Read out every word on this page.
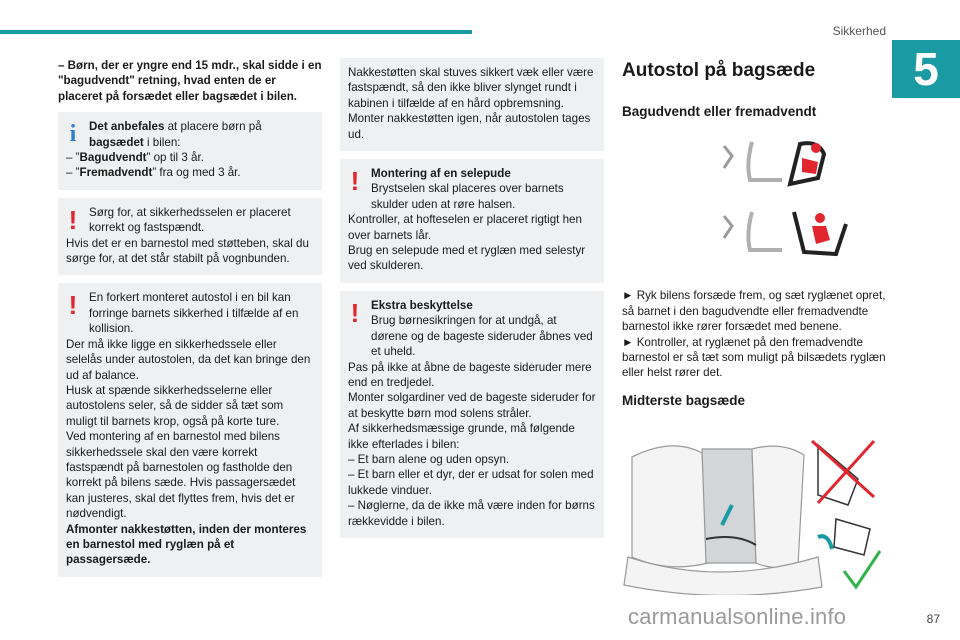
Sikkerhed
5

– Børn, der er yngre end 15 mdr., skal sidde i en "bagudvendt" retning, hvad enten de er placeret på forsædet eller bagsædet i bilen.

i	Det anbefales at placere børn på

bagsædet i bilen:

– ”Bagudvendt” op til 3 år.

– ”Fremadvendt” fra og med 3 år.

!	Sørg for, at sikkerhedsselen er placeret korrekt og fastspændt.

Hvis det er en barnestol med støtteben, skal du sørge for, at det står stabilt på vognbunden.

!	En forkert monteret autostol i en bil kan forringe barnets sikkerhed i tilfælde af en kollision.

Der må ikke ligge en sikkerhedssele eller selelås under autostolen, da det kan bringe den ud af balance.

Husk at spænde sikkerhedsselerne eller autostolens seler, så de sidder så tæt som muligt til barnets krop, også på korte ture.

Ved montering af en barnestol med bilens sikkerhedssele skal den være korrekt fastspændt på barnestolen og fastholde den korrekt på bilens sæde. Hvis passagersædet kan justeres, skal det flyttes frem, hvis det er nødvendigt.

Afmonter nakkestøtten, inden der monteres en barnestol med ryglæn på et passagersæde.

Nakkestøtten skal stuves sikkert væk eller være fastspændt, så den ikke bliver slynget rundt i kabinen i tilfælde af en hård opbremsning. Monter nakkestøtten igen, når autostolen tages ud.

!	Montering af en selepude

Brystselen skal placeres over barnets skulder uden at røre halsen.

Kontroller, at hofteselen er placeret rigtigt hen over barnets lår.

Brug en selepude med et ryglæn med selestyr ved skulderen.

!	Ekstra beskyttelse

Brug børnesikringen for at undgå, at dørene og de bageste sideruder åbnes ved et uheld.

Pas på ikke at åbne de bageste sideruder mere end en tredjedel.

Monter solgardiner ved de bageste sideruder for at beskytte børn mod solens stråler.

Af sikkerhedsmæssige grunde, må følgende ikke efterlades i bilen:

– Et barn alene og uden opsyn.

– Et barn eller et dyr, der er udsat for solen med lukkede vinduer.

– Nøglerne, da de ikke må være inden for børns rækkevidde i bilen.

Autostol på bagsæde
Bagudvendt eller fremadvendt

► Ryk bilens forsæde frem, og sæt ryglænet opret, så barnet i den bagudvendte eller fremadvendte barnestol ikke rører forsædet med benene.

► Kontroller, at ryglænet på den fremadvendte barnestol er så tæt som muligt på bilsædets ryglæn eller helst rører det.

Midterste bagsæde
carmanualsonline.info	87
